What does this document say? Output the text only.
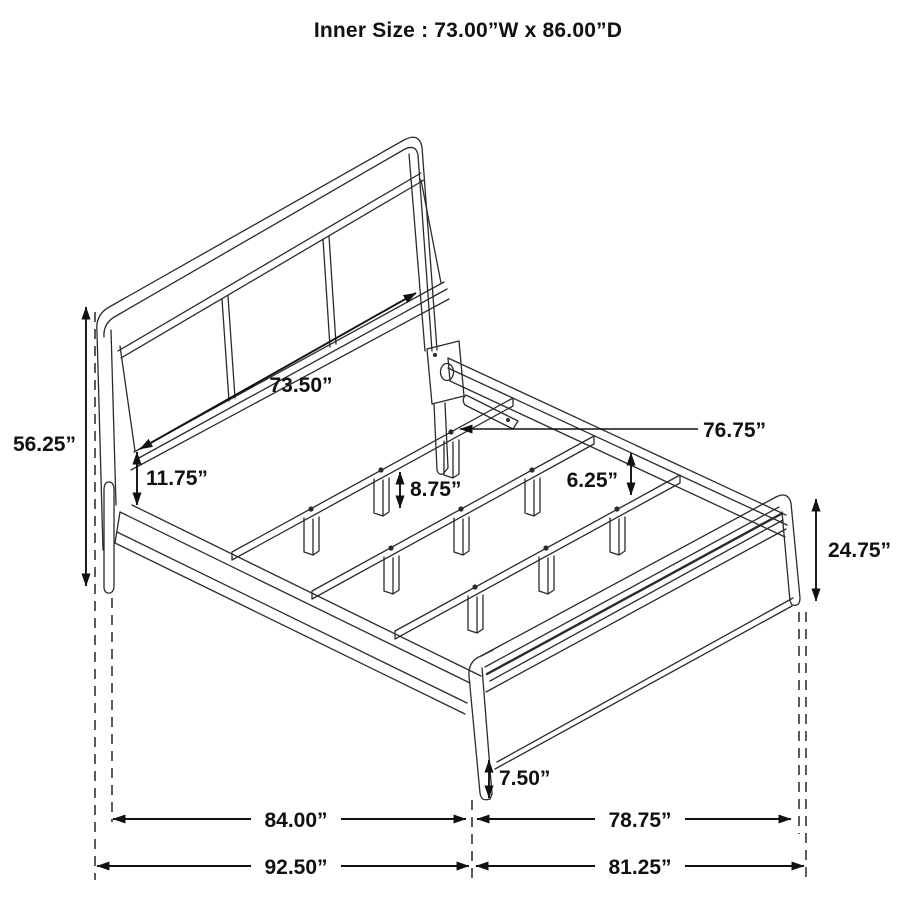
73.50”
76.75”
56.25”
11.75”	8.75”	6.25”
24.75”
7.50”
84.00”	78.75”
92.50”	81.25”
Inner Size : 73.00”W x 86.00”D
